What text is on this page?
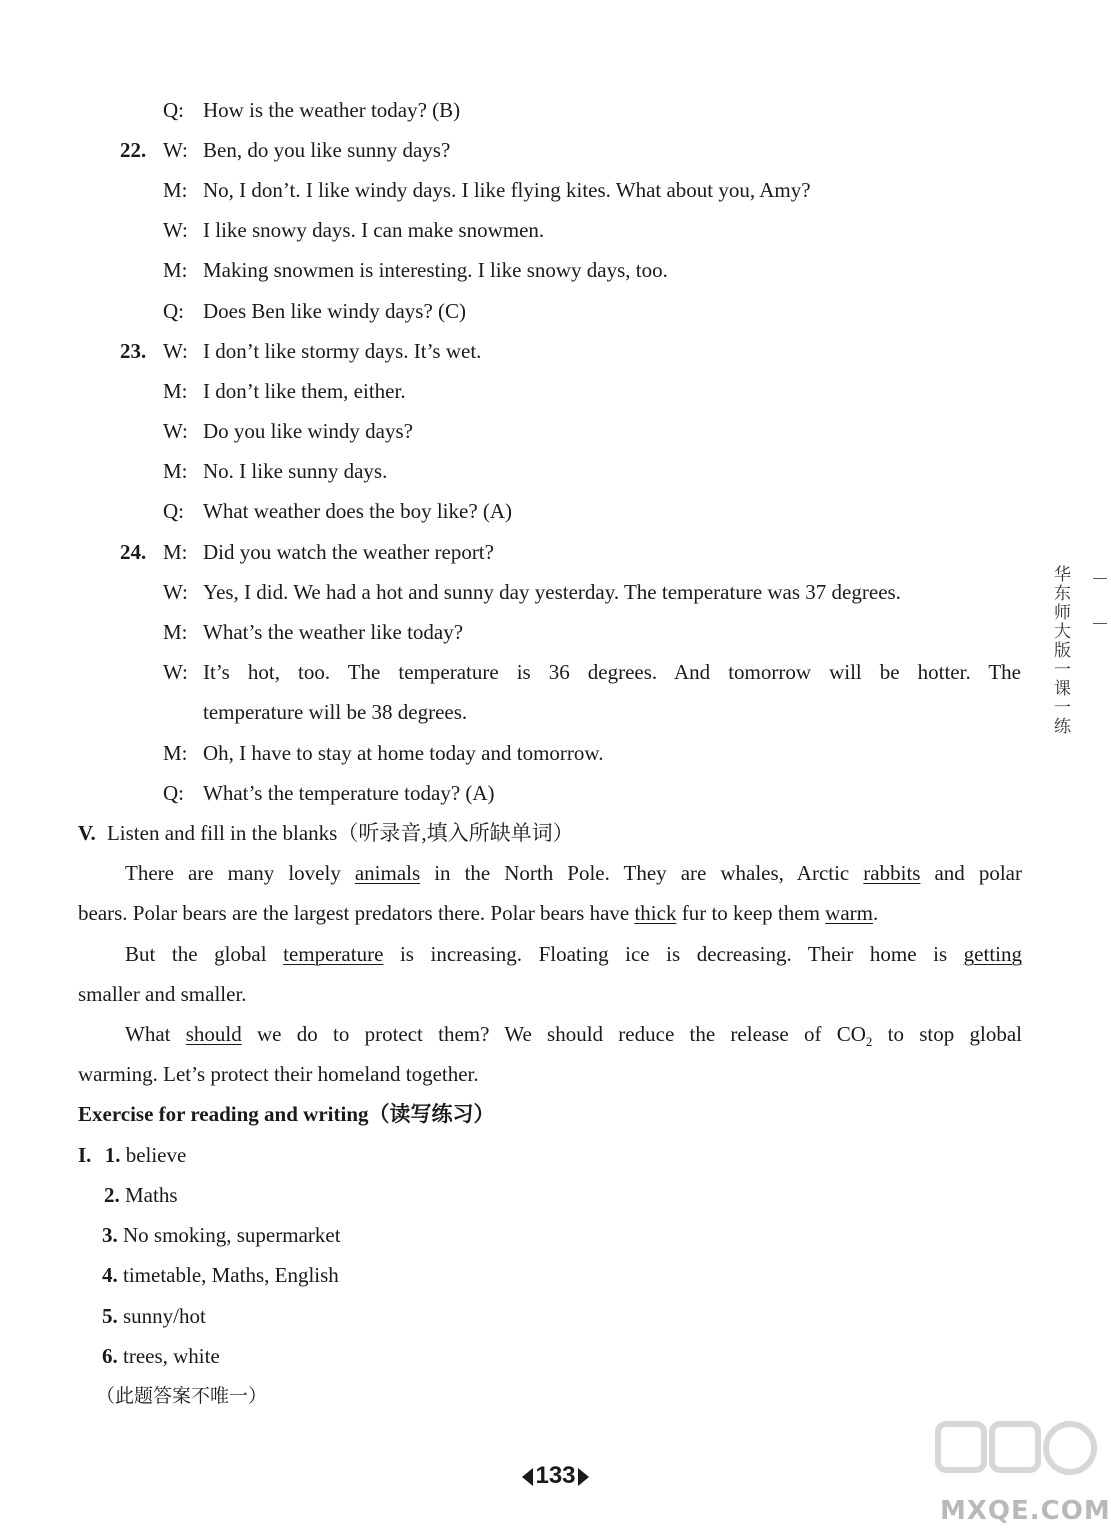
Q: How is the weather today? (B)
22. W: Ben, do you like sunny days?
M: No, I don’t. I like windy days. I like flying kites. What about you, Amy?
W: I like snowy days. I can make snowmen.
M: Making snowmen is interesting. I like snowy days, too.
Q: Does Ben like windy days? (C)
23. W: I don’t like stormy days. It’s wet.
M: I don’t like them, either.
W: Do you like windy days?
M: No. I like sunny days.
Q: What weather does the boy like? (A)
24. M: Did you watch the weather report?
W: Yes, I did. We had a hot and sunny day yesterday. The temperature was 37 degrees.
M: What’s the weather like today?
W: It’s hot, too. The temperature is 36 degrees. And tomorrow will be hotter. The
temperature will be 38 degrees.
M: Oh, I have to stay at home today and tomorrow.
Q: What’s the temperature today? (A)
V. Listen and fill in the blanks（听录音,填入所缺单词）
There are many lovely animals in the North Pole. They are whales, Arctic rabbits and polar
bears. Polar bears are the largest predators there. Polar bears have thick fur to keep them warm.
But the global temperature is increasing. Floating ice is decreasing. Their home is getting
smaller and smaller.
What should we do to protect them? We should reduce the release of $CO_2$ to stop global
warming. Let’s protect their homeland together.
Exercise for reading and writing（读写练习）
I. 1. believe
2. Maths
3. No smoking, supermarket
4. timetable, Maths, English
5. sunny/hot
6. trees, white
（此题答案不唯一）
华东师大版一课一练
133
MXQE.COM
